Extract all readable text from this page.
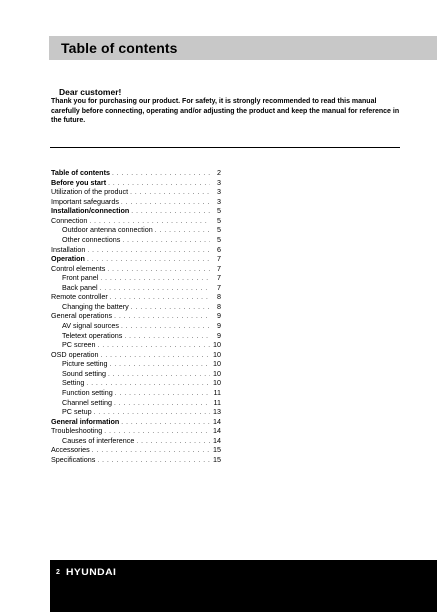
Table of contents
Dear customer!
Thank you for purchasing our product. For safety, it is strongly recommended to read this manual carefully before connecting, operating and/or adjusting the product and keep the manual for reference in the future.
Table of contents . . .	2
Before you start . . .	3
Utilization of the product . . .	3
Important safeguards . . .	3
Installation/connection . . .	5
Connection . . .	5
Outdoor antenna connection . . .	5
Other connections . . .	5
Installation . . .	6
Operation . . .	7
Control elements . . .	7
Front panel . . .	7
Back panel . . .	7
Remote controller . . .	8
Changing the battery . . .	8
General operations . . .	9
AV signal sources . . .	9
Teletext operations . . .	9
PC screen . . .	10
OSD operation . . .	10
Picture setting . . .	10
Sound setting . . .	10
Setting . . .	10
Function setting . . .	11
Channel setting . . .	11
PC setup . . .	13
General information . . .	14
Troubleshooting . . .	14
Causes of interference . . .	14
Accessories . . .	15
Specifications . . .	15
2 HYUNDAI
